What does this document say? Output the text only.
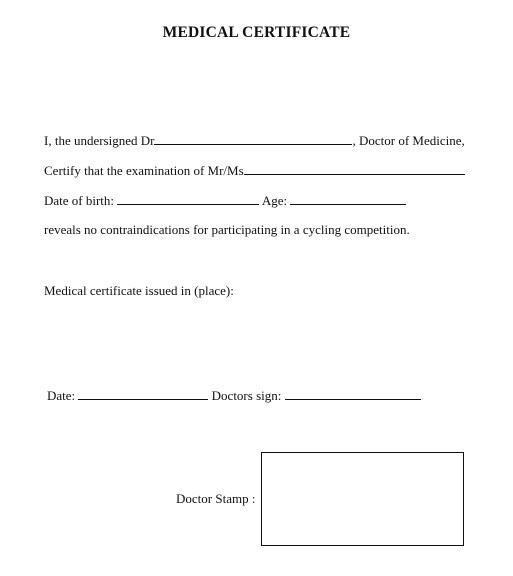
MEDICAL CERTIFICATE
I, the undersigned Dr	, Doctor of Medicine,
Certify that the examination of Mr/Ms
Date of birth:	Age:
reveals no contraindications for participating in a cycling competition.
Medical certificate issued in (place):
Date:	Doctors sign:
Doctor Stamp :
